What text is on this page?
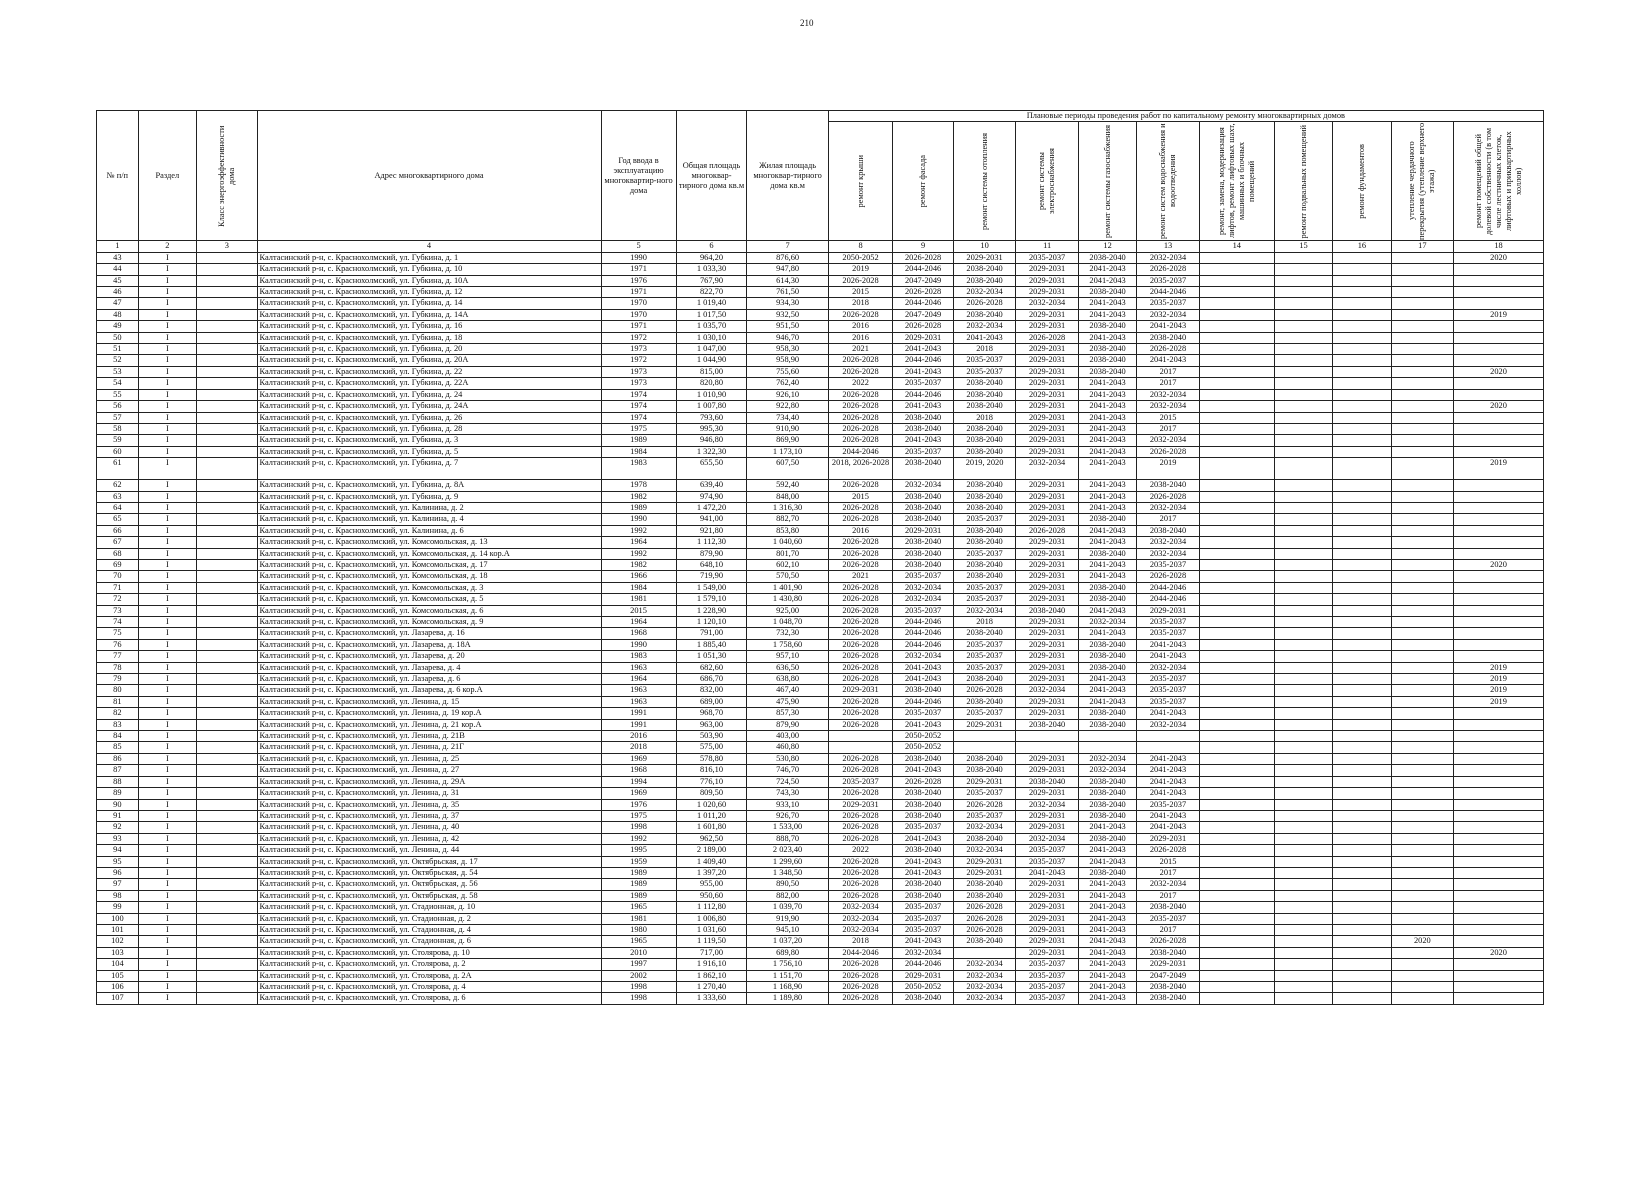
210
№ п/п	Раздел	Класс энергоэффективности дома	Адрес многоквартирного дома	Год ввода в эксплуатацию многоквартир-ного дома	Общая площадь многоквар-тирного дома кв.м	Жилая площадь многоквар-тирного дома кв.м	Плановые периоды проведения работ по капитальному ремонту многоквартирных домов										

							ремонт крыши	ремонт фасада	ремонт системы отопления	ремонт системы электроснабжения	ремонт системы газоснабжения	ремонт систем водоснабжения и водоотведения	ремонт, замена, модернизация лифтов, ремонт лифтовых шахт, машинных и блочных помещений	ремонт подвальных помещений	ремонт фундаментов	утепление чердачного перекрытия (утепление верхнего этажа)	ремонт помещений общей долевой собственности (в том числе лестничных клеток, лифтовых и приквартирных холлов)

1	2	3	4	5	6	7	8	9	10	11	12	13	14	15	16	17	18
43	I		Калтасинский р-н, с. Краснохолмский, ул. Губкина, д. 1	1990	964,20	876,60	2050-2052	2026-2028	2029-2031	2035-2037	2038-2040	2032-2034					2020
44	I		Калтасинский р-н, с. Краснохолмский, ул. Губкина, д. 10	1971	1 033,30	947,80	2019	2044-2046	2038-2040	2029-2031	2041-2043	2026-2028					
45	I		Калтасинский р-н, с. Краснохолмский, ул. Губкина, д. 10А	1976	767,90	614,30	2026-2028	2047-2049	2038-2040	2029-2031	2041-2043	2035-2037					
46	I		Калтасинский р-н, с. Краснохолмский, ул. Губкина, д. 12	1971	822,70	761,50	2015	2026-2028	2032-2034	2029-2031	2038-2040	2044-2046					
47	I		Калтасинский р-н, с. Краснохолмский, ул. Губкина, д. 14	1970	1 019,40	934,30	2018	2044-2046	2026-2028	2032-2034	2041-2043	2035-2037					
48	I		Калтасинский р-н, с. Краснохолмский, ул. Губкина, д. 14А	1970	1 017,50	932,50	2026-2028	2047-2049	2038-2040	2029-2031	2041-2043	2032-2034					2019
49	I		Калтасинский р-н, с. Краснохолмский, ул. Губкина, д. 16	1971	1 035,70	951,50	2016	2026-2028	2032-2034	2029-2031	2038-2040	2041-2043					
50	I		Калтасинский р-н, с. Краснохолмский, ул. Губкина, д. 18	1972	1 030,10	946,70	2016	2029-2031	2041-2043	2026-2028	2041-2043	2038-2040					
51	I		Калтасинский р-н, с. Краснохолмский, ул. Губкина, д. 20	1973	1 047,00	958,30	2021	2041-2043	2018	2029-2031	2038-2040	2026-2028					
52	I		Калтасинский р-н, с. Краснохолмский, ул. Губкина, д. 20А	1972	1 044,90	958,90	2026-2028	2044-2046	2035-2037	2029-2031	2038-2040	2041-2043					
53	I		Калтасинский р-н, с. Краснохолмский, ул. Губкина, д. 22	1973	815,00	755,60	2026-2028	2041-2043	2035-2037	2029-2031	2038-2040	2017					2020
54	I		Калтасинский р-н, с. Краснохолмский, ул. Губкина, д. 22А	1973	820,80	762,40	2022	2035-2037	2038-2040	2029-2031	2041-2043	2017					
55	I		Калтасинский р-н, с. Краснохолмский, ул. Губкина, д. 24	1974	1 010,90	926,10	2026-2028	2044-2046	2038-2040	2029-2031	2041-2043	2032-2034					
56	I		Калтасинский р-н, с. Краснохолмский, ул. Губкина, д. 24А	1974	1 007,80	922,80	2026-2028	2041-2043	2038-2040	2029-2031	2041-2043	2032-2034					2020
57	I		Калтасинский р-н, с. Краснохолмский, ул. Губкина, д. 26	1974	793,60	734,40	2026-2028	2038-2040	2018	2029-2031	2041-2043	2015					
58	I		Калтасинский р-н, с. Краснохолмский, ул. Губкина, д. 28	1975	995,30	910,90	2026-2028	2038-2040	2038-2040	2029-2031	2041-2043	2017					
59	I		Калтасинский р-н, с. Краснохолмский, ул. Губкина, д. 3	1989	946,80	869,90	2026-2028	2041-2043	2038-2040	2029-2031	2041-2043	2032-2034					
60	I		Калтасинский р-н, с. Краснохолмский, ул. Губкина, д. 5	1984	1 322,30	1 173,10	2044-2046	2035-2037	2038-2040	2029-2031	2041-2043	2026-2028					
61	I		Калтасинский р-н, с. Краснохолмский, ул. Губкина, д. 7	1983	655,50	607,50	2018, 2026-2028	2038-2040	2019, 2020	2032-2034	2041-2043	2019					2019
62	I		Калтасинский р-н, с. Краснохолмский, ул. Губкина, д. 8А	1978	639,40	592,40	2026-2028	2032-2034	2038-2040	2029-2031	2041-2043	2038-2040					
63	I		Калтасинский р-н, с. Краснохолмский, ул. Губкина, д. 9	1982	974,90	848,00	2015	2038-2040	2038-2040	2029-2031	2041-2043	2026-2028					
64	I		Калтасинский р-н, с. Краснохолмский, ул. Калинина, д. 2	1989	1 472,20	1 316,30	2026-2028	2038-2040	2038-2040	2029-2031	2041-2043	2032-2034					
65	I		Калтасинский р-н, с. Краснохолмский, ул. Калинина, д. 4	1990	941,00	882,70	2026-2028	2038-2040	2035-2037	2029-2031	2038-2040	2017					
66	I		Калтасинский р-н, с. Краснохолмский, ул. Калинина, д. 6	1992	921,80	853,80	2016	2029-2031	2038-2040	2026-2028	2041-2043	2038-2040					
67	I		Калтасинский р-н, с. Краснохолмский, ул. Комсомольская, д. 13	1964	1 112,30	1 040,60	2026-2028	2038-2040	2038-2040	2029-2031	2041-2043	2032-2034					
68	I		Калтасинский р-н, с. Краснохолмский, ул. Комсомольская, д. 14 кор.А	1992	879,90	801,70	2026-2028	2038-2040	2035-2037	2029-2031	2038-2040	2032-2034					
69	I		Калтасинский р-н, с. Краснохолмский, ул. Комсомольская, д. 17	1982	648,10	602,10	2026-2028	2038-2040	2038-2040	2029-2031	2041-2043	2035-2037					2020
70	I		Калтасинский р-н, с. Краснохолмский, ул. Комсомольская, д. 18	1966	719,90	570,50	2021	2035-2037	2038-2040	2029-2031	2041-2043	2026-2028					
71	I		Калтасинский р-н, с. Краснохолмский, ул. Комсомольская, д. 3	1984	1 549,00	1 401,90	2026-2028	2032-2034	2035-2037	2029-2031	2038-2040	2044-2046					
72	I		Калтасинский р-н, с. Краснохолмский, ул. Комсомольская, д. 5	1981	1 579,10	1 430,80	2026-2028	2032-2034	2035-2037	2029-2031	2038-2040	2044-2046					
73	I		Калтасинский р-н, с. Краснохолмский, ул. Комсомольская, д. 6	2015	1 228,90	925,00	2026-2028	2035-2037	2032-2034	2038-2040	2041-2043	2029-2031					
74	I		Калтасинский р-н, с. Краснохолмский, ул. Комсомольская, д. 9	1964	1 120,10	1 048,70	2026-2028	2044-2046	2018	2029-2031	2032-2034	2035-2037					
75	I		Калтасинский р-н, с. Краснохолмский, ул. Лазарева, д. 16	1968	791,00	732,30	2026-2028	2044-2046	2038-2040	2029-2031	2041-2043	2035-2037					
76	I		Калтасинский р-н, с. Краснохолмский, ул. Лазарева, д. 18А	1990	1 885,40	1 758,60	2026-2028	2044-2046	2035-2037	2029-2031	2038-2040	2041-2043					
77	I		Калтасинский р-н, с. Краснохолмский, ул. Лазарева, д. 20	1983	1 051,30	957,10	2026-2028	2032-2034	2035-2037	2029-2031	2038-2040	2041-2043					
78	I		Калтасинский р-н, с. Краснохолмский, ул. Лазарева, д. 4	1963	682,60	636,50	2026-2028	2041-2043	2035-2037	2029-2031	2038-2040	2032-2034					2019
79	I		Калтасинский р-н, с. Краснохолмский, ул. Лазарева, д. 6	1964	686,70	638,80	2026-2028	2041-2043	2038-2040	2029-2031	2041-2043	2035-2037					2019
80	I		Калтасинский р-н, с. Краснохолмский, ул. Лазарева, д. 6 кор.А	1963	832,00	467,40	2029-2031	2038-2040	2026-2028	2032-2034	2041-2043	2035-2037					2019
81	I		Калтасинский р-н, с. Краснохолмский, ул. Ленина, д. 15	1963	689,00	475,90	2026-2028	2044-2046	2038-2040	2029-2031	2041-2043	2035-2037					2019
82	I		Калтасинский р-н, с. Краснохолмский, ул. Ленина, д. 19 кор.А	1991	968,70	857,30	2026-2028	2035-2037	2035-2037	2029-2031	2038-2040	2041-2043					
83	I		Калтасинский р-н, с. Краснохолмский, ул. Ленина, д. 21 кор.А	1991	963,00	879,90	2026-2028	2041-2043	2029-2031	2038-2040	2038-2040	2032-2034					
84	I		Калтасинский р-н, с. Краснохолмский, ул. Ленина, д. 21В	2016	503,90	403,00		2050-2052									
85	I		Калтасинский р-н, с. Краснохолмский, ул. Ленина, д. 21Г	2018	575,00	460,80		2050-2052									
86	I		Калтасинский р-н, с. Краснохолмский, ул. Ленина, д. 25	1969	578,80	530,80	2026-2028	2038-2040	2038-2040	2029-2031	2032-2034	2041-2043					
87	I		Калтасинский р-н, с. Краснохолмский, ул. Ленина, д. 27	1968	816,10	746,70	2026-2028	2041-2043	2038-2040	2029-2031	2032-2034	2041-2043					
88	I		Калтасинский р-н, с. Краснохолмский, ул. Ленина, д. 29А	1994	776,10	724,50	2035-2037	2026-2028	2029-2031	2038-2040	2038-2040	2041-2043					
89	I		Калтасинский р-н, с. Краснохолмский, ул. Ленина, д. 31	1969	809,50	743,30	2026-2028	2038-2040	2035-2037	2029-2031	2038-2040	2041-2043					
90	I		Калтасинский р-н, с. Краснохолмский, ул. Ленина, д. 35	1976	1 020,60	933,10	2029-2031	2038-2040	2026-2028	2032-2034	2038-2040	2035-2037					
91	I		Калтасинский р-н, с. Краснохолмский, ул. Ленина, д. 37	1975	1 011,20	926,70	2026-2028	2038-2040	2035-2037	2029-2031	2038-2040	2041-2043					
92	I		Калтасинский р-н, с. Краснохолмский, ул. Ленина, д. 40	1998	1 601,80	1 533,00	2026-2028	2035-2037	2032-2034	2029-2031	2041-2043	2041-2043					
93	I		Калтасинский р-н, с. Краснохолмский, ул. Ленина, д. 42	1992	962,50	888,70	2026-2028	2041-2043	2038-2040	2032-2034	2038-2040	2029-2031					
94	I		Калтасинский р-н, с. Краснохолмский, ул. Ленина, д. 44	1995	2 189,00	2 023,40	2022	2038-2040	2032-2034	2035-2037	2041-2043	2026-2028					
95	I		Калтасинский р-н, с. Краснохолмский, ул. Октябрьская, д. 17	1959	1 409,40	1 299,60	2026-2028	2041-2043	2029-2031	2035-2037	2041-2043	2015					
96	I		Калтасинский р-н, с. Краснохолмский, ул. Октябрьская, д. 54	1989	1 397,20	1 348,50	2026-2028	2041-2043	2029-2031	2041-2043	2038-2040	2017					
97	I		Калтасинский р-н, с. Краснохолмский, ул. Октябрьская, д. 56	1989	955,00	890,50	2026-2028	2038-2040	2038-2040	2029-2031	2041-2043	2032-2034					
98	I		Калтасинский р-н, с. Краснохолмский, ул. Октябрьская, д. 58	1989	950,60	882,00	2026-2028	2038-2040	2038-2040	2029-2031	2041-2043	2017					
99	I		Калтасинский р-н, с. Краснохолмский, ул. Стадионная, д. 10	1965	1 112,80	1 039,70	2032-2034	2035-2037	2026-2028	2029-2031	2041-2043	2038-2040					
100	I		Калтасинский р-н, с. Краснохолмский, ул. Стадионная, д. 2	1981	1 006,80	919,90	2032-2034	2035-2037	2026-2028	2029-2031	2041-2043	2035-2037					
101	I		Калтасинский р-н, с. Краснохолмский, ул. Стадионная, д. 4	1980	1 031,60	945,10	2032-2034	2035-2037	2026-2028	2029-2031	2041-2043	2017					
102	I		Калтасинский р-н, с. Краснохолмский, ул. Стадионная, д. 6	1965	1 119,50	1 037,20	2018	2041-2043	2038-2040	2029-2031	2041-2043	2026-2028				2020	
103	I		Калтасинский р-н, с. Краснохолмский, ул. Столярова, д. 10	2010	717,00	689,80	2044-2046	2032-2034		2029-2031	2041-2043	2038-2040					2020
104	I		Калтасинский р-н, с. Краснохолмский, ул. Столярова, д. 2	1997	1 916,10	1 756,10	2026-2028	2044-2046	2032-2034	2035-2037	2041-2043	2029-2031					
105	I		Калтасинский р-н, с. Краснохолмский, ул. Столярова, д. 2А	2002	1 862,10	1 151,70	2026-2028	2029-2031	2032-2034	2035-2037	2041-2043	2047-2049					
106	I		Калтасинский р-н, с. Краснохолмский, ул. Столярова, д. 4	1998	1 270,40	1 168,90	2026-2028	2050-2052	2032-2034	2035-2037	2041-2043	2038-2040					
107	I		Калтасинский р-н, с. Краснохолмский, ул. Столярова, д. 6	1998	1 333,60	1 189,80	2026-2028	2038-2040	2032-2034	2035-2037	2041-2043	2038-2040					
